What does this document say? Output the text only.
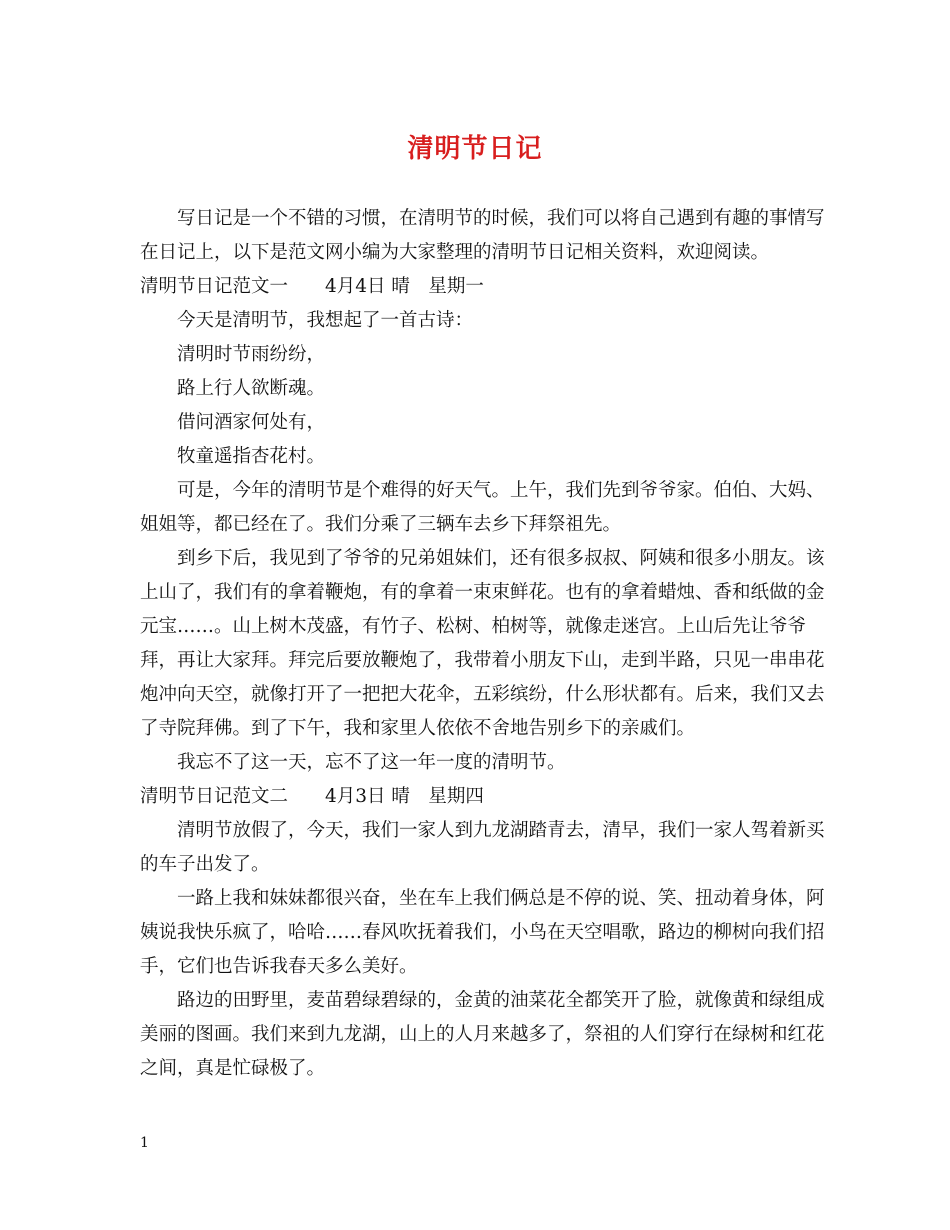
清明节日记

写日记是一个不错的习惯，在清明节的时候，我们可以将自己遇到有趣的事情写在日记上，以下是范文网小编为大家整理的清明节日记相关资料，欢迎阅读。

清明节日记范文一　　4月4日 晴　星期一

今天是清明节，我想起了一首古诗：

清明时节雨纷纷，

路上行人欲断魂。

借问酒家何处有，

牧童遥指杏花村。

可是，今年的清明节是个难得的好天气。上午，我们先到爷爷家。伯伯、大妈、姐姐等，都已经在了。我们分乘了三辆车去乡下拜祭祖先。

到乡下后，我见到了爷爷的兄弟姐妹们，还有很多叔叔、阿姨和很多小朋友。该上山了，我们有的拿着鞭炮，有的拿着一束束鲜花。也有的拿着蜡烛、香和纸做的金元宝……。山上树木茂盛，有竹子、松树、柏树等，就像走迷宫。上山后先让爷爷拜，再让大家拜。拜完后要放鞭炮了，我带着小朋友下山，走到半路，只见一串串花炮冲向天空，就像打开了一把把大花伞，五彩缤纷，什么形状都有。后来，我们又去了寺院拜佛。到了下午，我和家里人依依不舍地告别乡下的亲戚们。

我忘不了这一天，忘不了这一年一度的清明节。

清明节日记范文二　　4月3日 晴　星期四

清明节放假了，今天，我们一家人到九龙湖踏青去，清早，我们一家人驾着新买的车子出发了。

一路上我和妹妹都很兴奋，坐在车上我们俩总是不停的说、笑、扭动着身体，阿姨说我快乐疯了，哈哈……春风吹抚着我们，小鸟在天空唱歌，路边的柳树向我们招手，它们也告诉我春天多么美好。

路边的田野里，麦苗碧绿碧绿的，金黄的油菜花全都笑开了脸，就像黄和绿组成美丽的图画。我们来到九龙湖，山上的人月来越多了，祭祖的人们穿行在绿树和红花之间，真是忙碌极了。

1
